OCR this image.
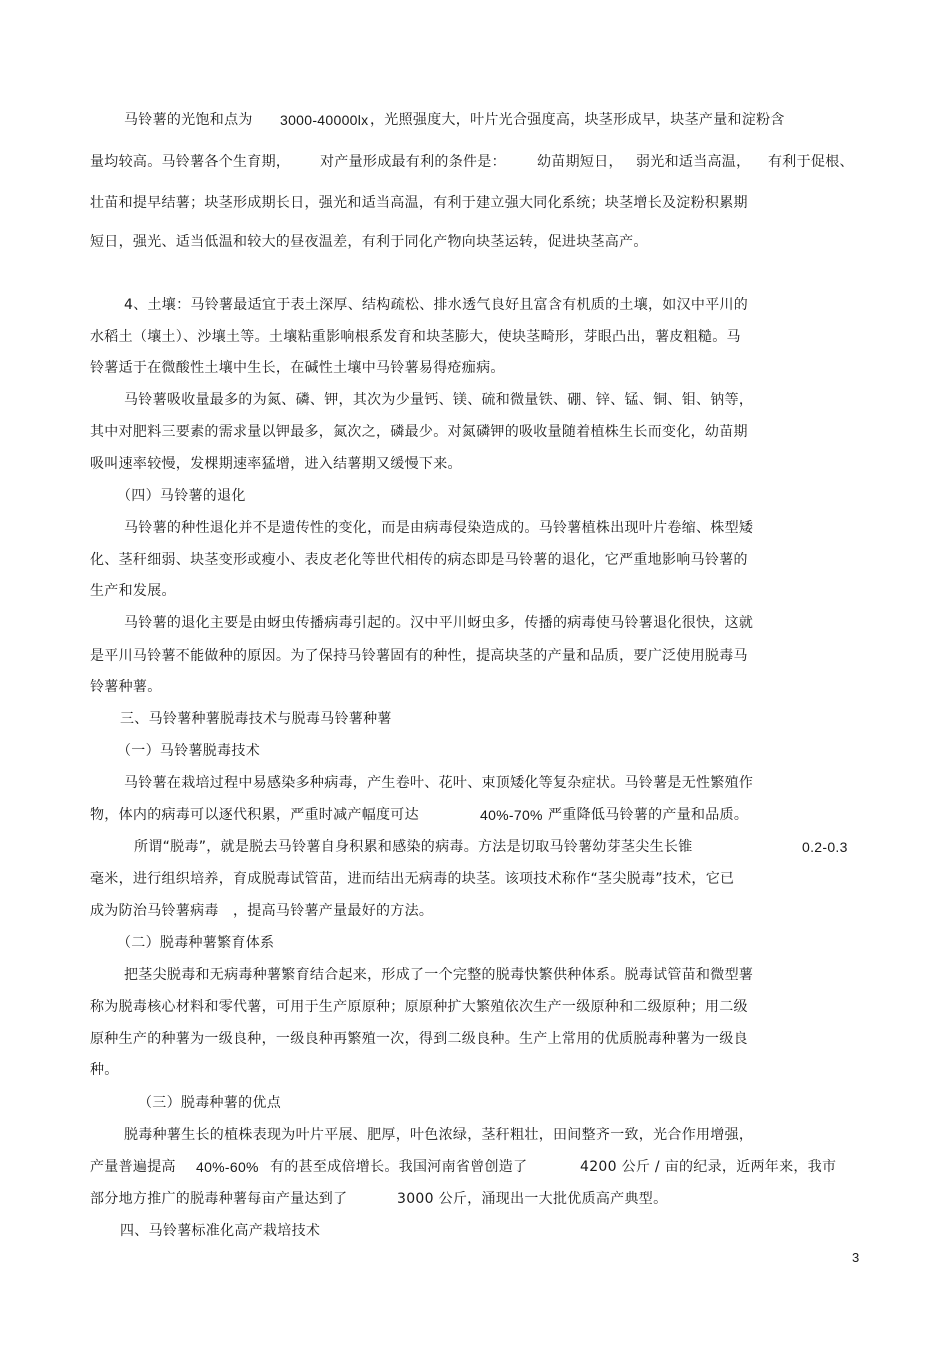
马铃薯的光饱和点为 3000-40000lx ，光照强度大，叶片光合强度高，块茎形成早，块茎产量和淀粉含
量均较高。马铃薯各个生育期， 对产量形成最有利的条件是： 幼苗期短日， 弱光和适当高温， 有利于促根、
壮苗和提早结薯；块茎形成期长日，强光和适当高温，有利于建立强大同化系统；块茎增长及淀粉积累期
短日，强光、适当低温和较大的昼夜温差，有利于同化产物向块茎运转，促进块茎高产。
4、土壤：马铃薯最适宜于表土深厚、结构疏松、排水透气良好且富含有机质的土壤，如汉中平川的
水稻土（壤土）、沙壤土等。土壤粘重影响根系发育和块茎膨大，使块茎畸形，芽眼凸出，薯皮粗糙。马
铃薯适于在微酸性土壤中生长，在碱性土壤中马铃薯易得疮痂病。
马铃薯吸收量最多的为氮、磷、钾，其次为少量钙、镁、硫和微量铁、硼、锌、锰、铜、钼、钠等，
其中对肥料三要素的需求量以钾最多，氮次之，磷最少。对氮磷钾的吸收量随着植株生长而变化，幼苗期
吸叫速率较慢，发棵期速率猛增，进入结薯期又缓慢下来。
（四）马铃薯的退化
马铃薯的种性退化并不是遗传性的变化，而是由病毒侵染造成的。马铃薯植株出现叶片卷缩、株型矮
化、茎秆细弱、块茎变形或瘦小、表皮老化等世代相传的病态即是马铃薯的退化，它严重地影响马铃薯的
生产和发展。
马铃薯的退化主要是由蚜虫传播病毒引起的。汉中平川蚜虫多，传播的病毒使马铃薯退化很快，这就
是平川马铃薯不能做种的原因。为了保持马铃薯固有的种性，提高块茎的产量和品质，要广泛使用脱毒马
铃薯种薯。
三、马铃薯种薯脱毒技术与脱毒马铃薯种薯
（一）马铃薯脱毒技术
马铃薯在栽培过程中易感染多种病毒，产生卷叶、花叶、束顶矮化等复杂症状。马铃薯是无性繁殖作
物，体内的病毒可以逐代积累，严重时减产幅度可达	40%-70% 严重降低马铃薯的产量和品质。
所谓“脱毒”，就是脱去马铃薯自身积累和感染的病毒。方法是切取马铃薯幼芽茎尖生长锥	0.2-0.3
毫米，进行组织培养，育成脱毒试管苗，进而结出无病毒的块茎。该项技术称作“茎尖脱毒”技术，它已
成为防治马铃薯病毒 ，提高马铃薯产量最好的方法。
（二）脱毒种薯繁育体系
把茎尖脱毒和无病毒种薯繁育结合起来，形成了一个完整的脱毒快繁供种体系。脱毒试管苗和微型薯
称为脱毒核心材料和零代薯，可用于生产原原种；原原种扩大繁殖依次生产一级原种和二级原种；用二级
原种生产的种薯为一级良种，一级良种再繁殖一次，得到二级良种。生产上常用的优质脱毒种薯为一级良
种。
（三）脱毒种薯的优点
脱毒种薯生长的植株表现为叶片平展、肥厚，叶色浓绿，茎秆粗壮，田间整齐一致，光合作用增强，
产量普遍提高 40%-60% 有的甚至成倍增长。我国河南省曾创造了	4200 公斤 / 亩的纪录，近两年来，我市
部分地方推广的脱毒种薯每亩产量达到了	3000 公斤，涌现出一大批优质高产典型。
四、马铃薯标准化高产栽培技术
3
